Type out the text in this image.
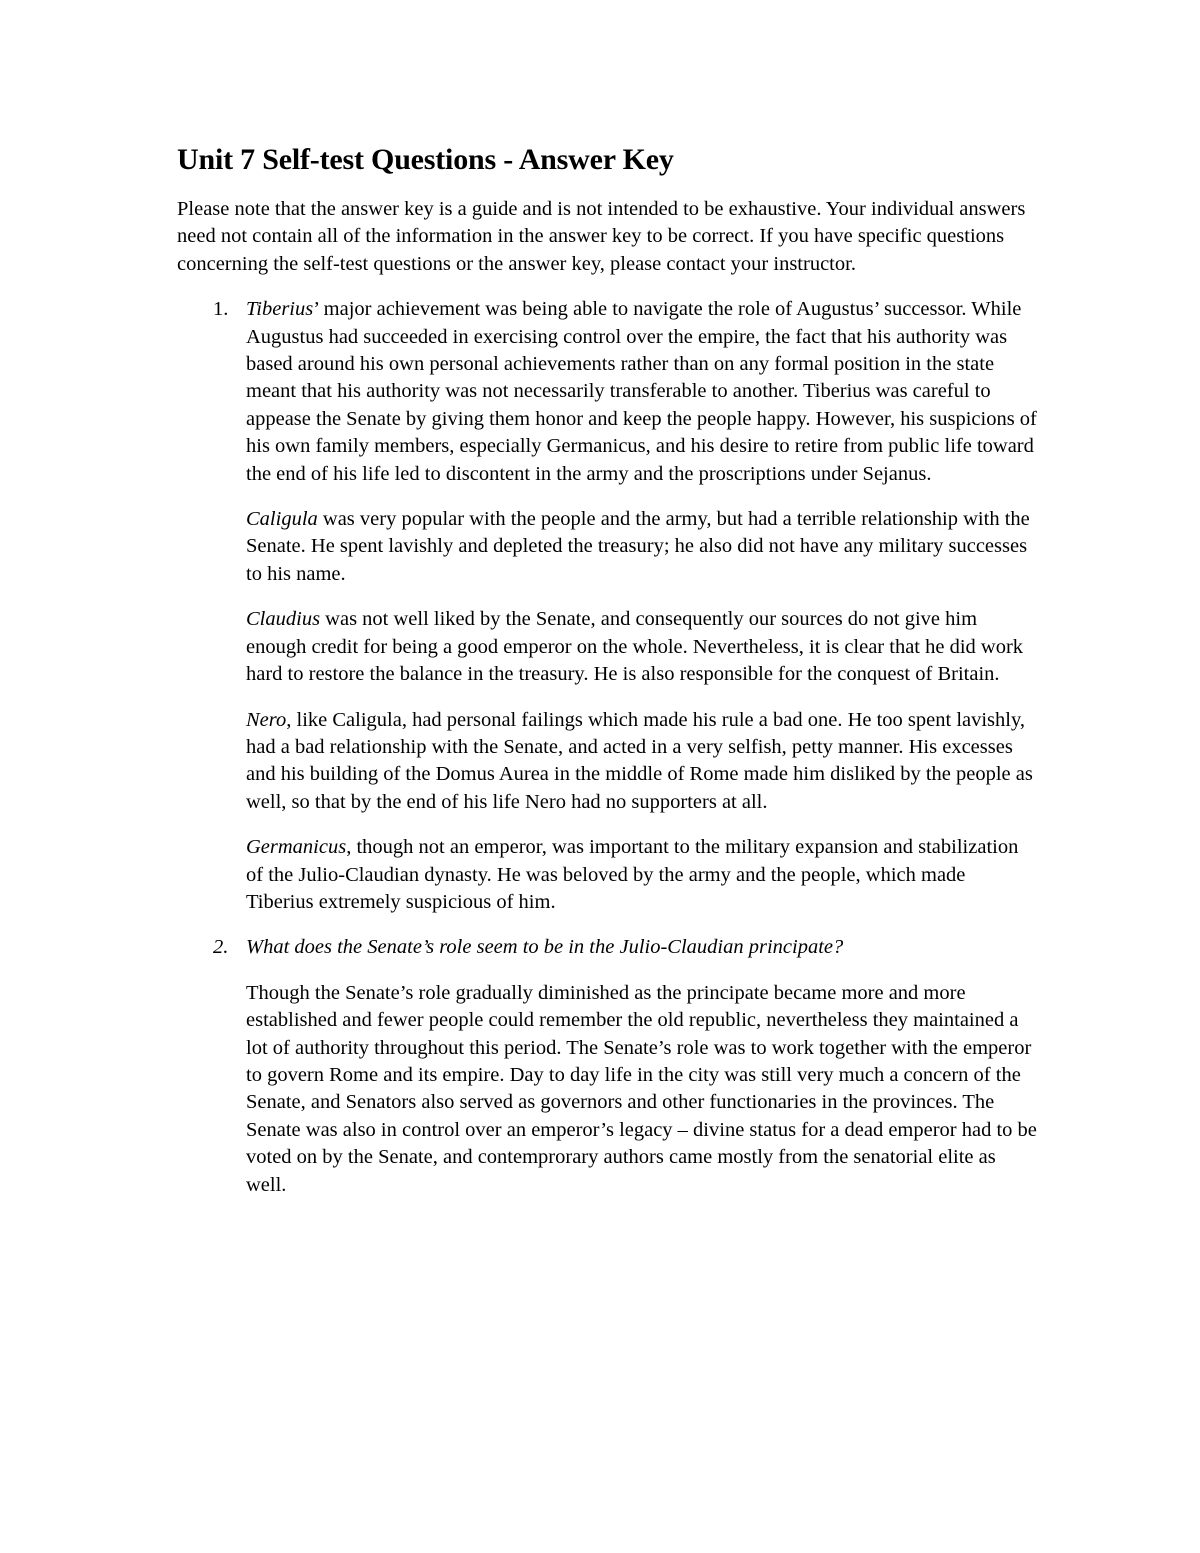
Unit 7 Self-test Questions - Answer Key

Please note that the answer key is a guide and is not intended to be exhaustive. Your individual answers need not contain all of the information in the answer key to be correct. If you have specific questions concerning the self-test questions or the answer key, please contact your instructor.

1. Tiberius’ major achievement was being able to navigate the role of Augustus’ successor. While Augustus had succeeded in exercising control over the empire, the fact that his authority was based around his own personal achievements rather than on any formal position in the state meant that his authority was not necessarily transferable to another. Tiberius was careful to appease the Senate by giving them honor and keep the people happy. However, his suspicions of his own family members, especially Germanicus, and his desire to retire from public life toward the end of his life led to discontent in the army and the proscriptions under Sejanus.

Caligula was very popular with the people and the army, but had a terrible relationship with the Senate. He spent lavishly and depleted the treasury; he also did not have any military successes to his name.

Claudius was not well liked by the Senate, and consequently our sources do not give him enough credit for being a good emperor on the whole. Nevertheless, it is clear that he did work hard to restore the balance in the treasury. He is also responsible for the conquest of Britain.

Nero, like Caligula, had personal failings which made his rule a bad one. He too spent lavishly, had a bad relationship with the Senate, and acted in a very selfish, petty manner. His excesses and his building of the Domus Aurea in the middle of Rome made him disliked by the people as well, so that by the end of his life Nero had no supporters at all.

Germanicus, though not an emperor, was important to the military expansion and stabilization of the Julio-Claudian dynasty. He was beloved by the army and the people, which made Tiberius extremely suspicious of him.

2. What does the Senate’s role seem to be in the Julio-Claudian principate?

Though the Senate’s role gradually diminished as the principate became more and more established and fewer people could remember the old republic, nevertheless they maintained a lot of authority throughout this period. The Senate’s role was to work together with the emperor to govern Rome and its empire. Day to day life in the city was still very much a concern of the Senate, and Senators also served as governors and other functionaries in the provinces. The Senate was also in control over an emperor’s legacy – divine status for a dead emperor had to be voted on by the Senate, and contemprorary authors came mostly from the senatorial elite as well.
